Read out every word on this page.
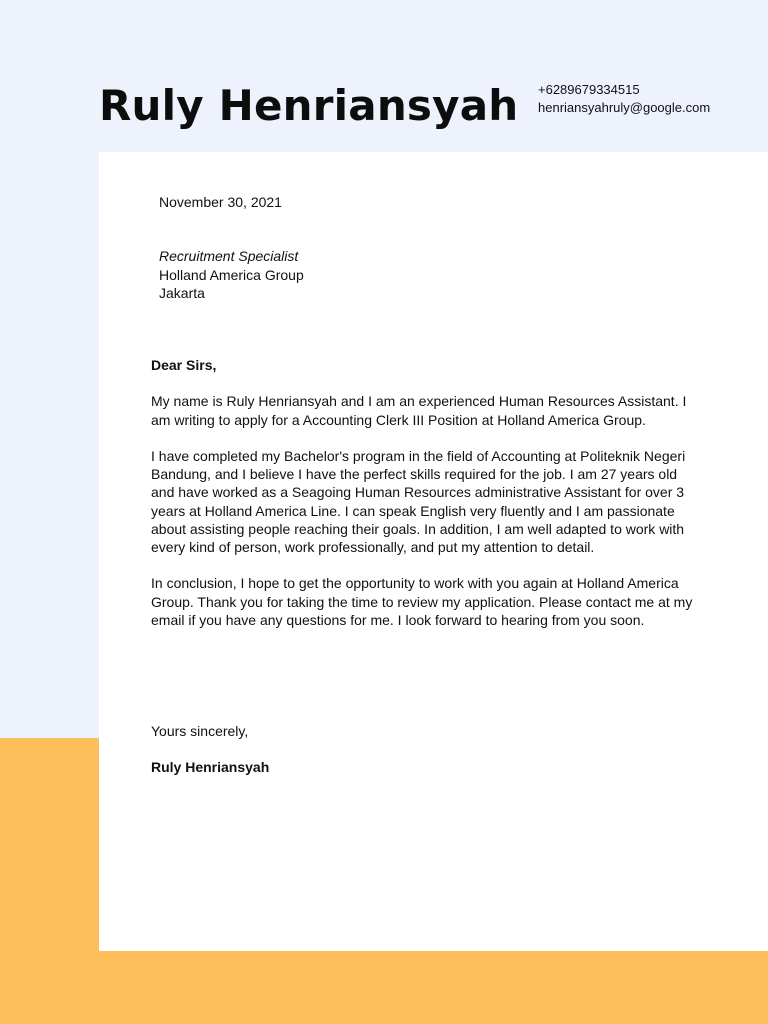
Ruly Henriansyah +6289679334515
henriansyahruly@google.com
November 30, 2021
Recruitment Specialist
Holland America Group
Jakarta

Dear Sirs,

My name is Ruly Henriansyah and I am an experienced Human Resources Assistant. I am writing to apply for a Accounting Clerk III Position at Holland America Group.

I have completed my Bachelor's program in the field of Accounting at Politeknik Negeri Bandung, and I believe I have the perfect skills required for the job. I am 27 years old and have worked as a Seagoing Human Resources administrative Assistant for over 3 years at Holland America Line. I can speak English very fluently and I am passionate about assisting people reaching their goals. In addition, I am well adapted to work with every kind of person, work professionally, and put my attention to detail.

In conclusion, I hope to get the opportunity to work with you again at Holland America Group. Thank you for taking the time to review my application. Please contact me at my email if you have any questions for me. I look forward to hearing from you soon.

Yours sincerely,
Ruly Henriansyah
